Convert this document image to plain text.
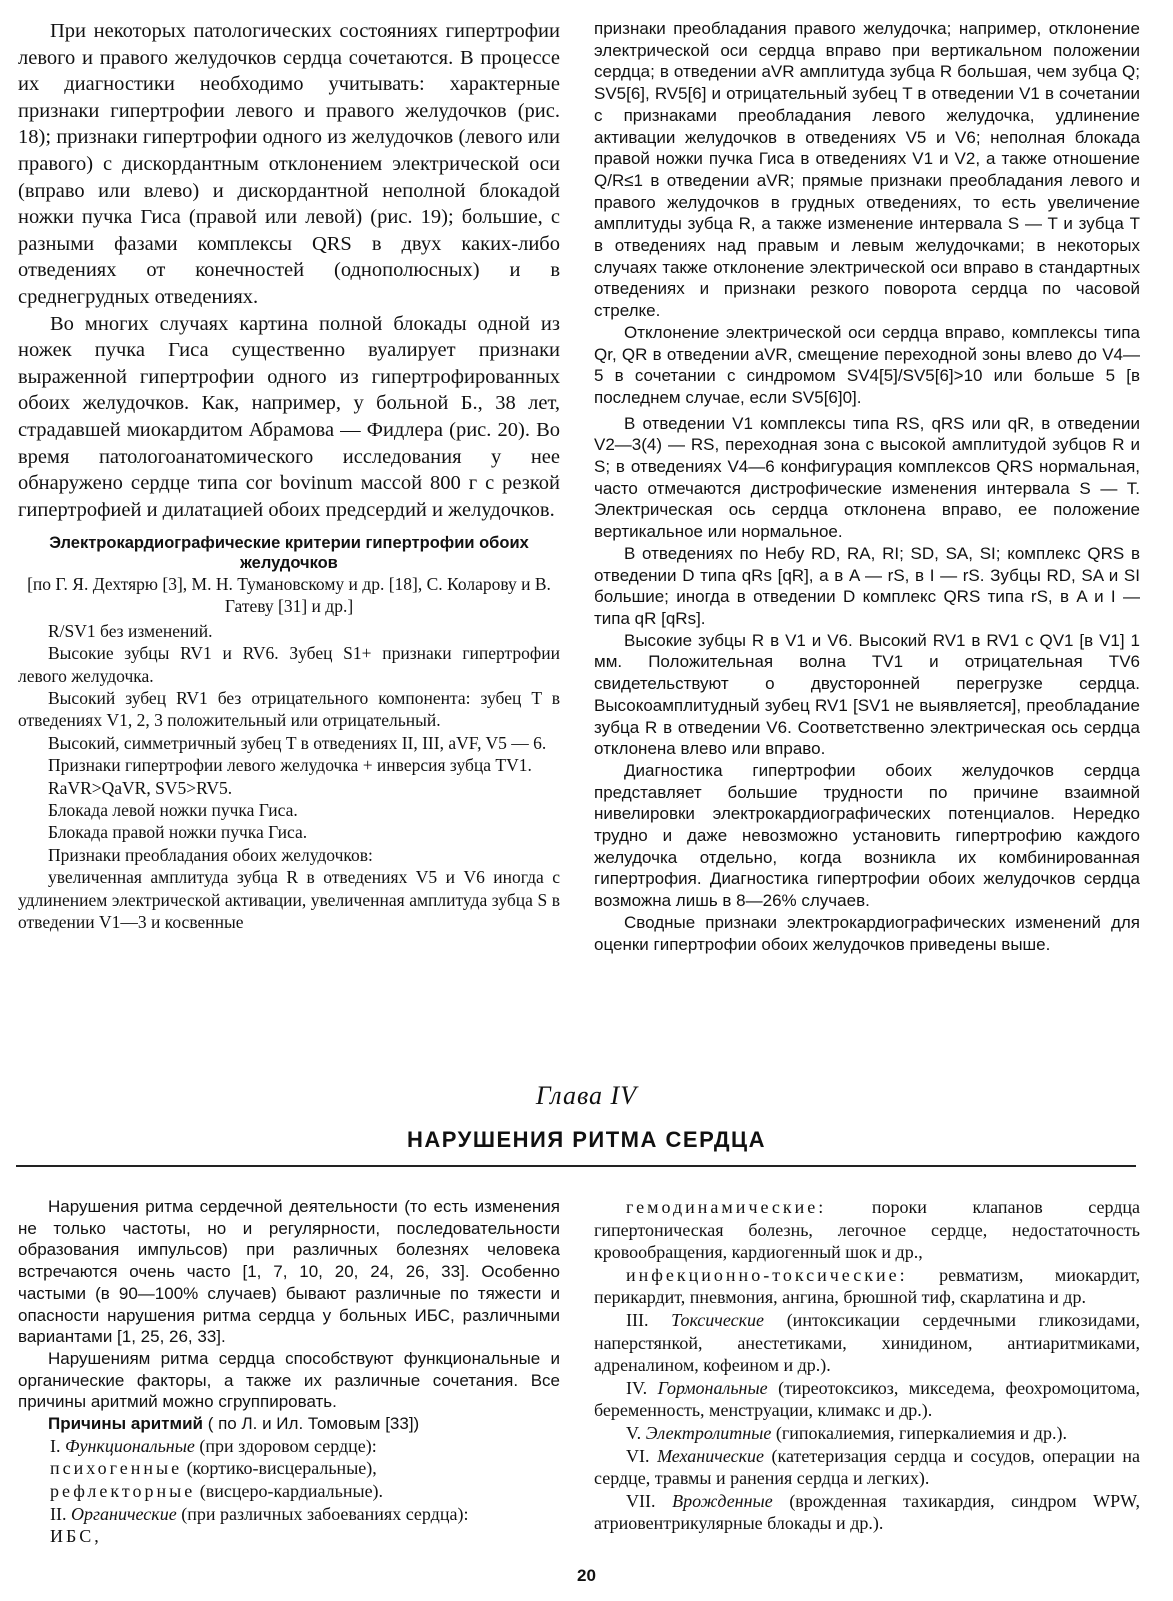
При некоторых патологических состояниях гипертрофии левого и правого желудочков сердца сочетаются. В процессе их диагностики необходимо учитывать: характерные признаки гипертрофии левого и правого желудочков (рис. 18); признаки гипертрофии одного из желудочков (левого или правого) с дискордантным отклонением электрической оси (вправо или влево) и дискордантной неполной блокадой ножки пучка Гиса (правой или левой) (рис. 19); большие, с разными фазами комплексы QRS в двух каких-либо отведениях от конечностей (однополюсных) и в среднегрудных отведениях.

Во многих случаях картина полной блокады одной из ножек пучка Гиса существенно вуалирует признаки выраженной гипертрофии одного из гипертрофированных обоих желудочков. Как, например, у больной Б., 38 лет, страдавшей миокардитом Абрамова — Фидлера (рис. 20). Во время патологоанатомического исследования у нее обнаружено сердце типа cor bovinum массой 800 г с резкой гипертрофией и дилатацией обоих предсердий и желудочков.

Электрокардиографические критерии гипертрофии обоих желудочков

[по Г. Я. Дехтярю [3], М. Н. Тумановскому и др. [18], С. Коларову и В. Гатеву [31] и др.]

R/SV1 без изменений.

Высокие зубцы RV1 и RV6. Зубец S1+ признаки гипертрофии левого желудочка.

Высокий зубец RV1 без отрицательного компонента: зубец T в отведениях V1, 2, 3 положительный или отрицательный.

Высокий, симметричный зубец T в отведениях II, III, aVF, V5 — 6.

Признаки гипертрофии левого желудочка + инверсия зубца TV1.

RaVR>QaVR, SV5>RV5.

Блокада левой ножки пучка Гиса.

Блокада правой ножки пучка Гиса.

Признаки преобладания обоих желудочков:

увеличенная амплитуда зубца R в отведениях V5 и V6 иногда с удлинением электрической активации, увеличенная амплитуда зубца S в отведении V1—3 и косвенные

признаки преобладания правого желудочка; например, отклонение электрической оси сердца вправо при вертикальном положении сердца; в отведении aVR амплитуда зубца R большая, чем зубца Q; SV5[6], RV5[6] и отрицательный зубец T в отведении V1 в сочетании с признаками преобладания левого желудочка, удлинение активации желудочков в отведениях V5 и V6; неполная блокада правой ножки пучка Гиса в отведениях V1 и V2, а также отношение Q/R≤1 в отведении aVR; прямые признаки преобладания левого и правого желудочков в грудных отведениях, то есть увеличение амплитуды зубца R, а также изменение интервала S — T и зубца T в отведениях над правым и левым желудочками; в некоторых случаях также отклонение электрической оси вправо в стандартных отведениях и признаки резкого поворота сердца по часовой стрелке.

Отклонение электрической оси сердца вправо, комплексы типа Qr, QR в отведении aVR, смещение переходной зоны влево до V4—5 в сочетании с синдромом SV4[5]/SV5[6]>10 или больше 5 [в последнем случае, если SV5[6]0].

В отведении V1 комплексы типа RS, qRS или qR, в отведении V2—3(4) — RS, переходная зона с высокой амплитудой зубцов R и S; в отведениях V4—6 конфигурация комплексов QRS нормальная, часто отмечаются дистрофические изменения интервала S — T. Электрическая ось сердца отклонена вправо, ее положение вертикальное или нормальное.

В отведениях по Небу RD, RA, RI; SD, SA, SI; комплекс QRS в отведении D типа qRs [qR], а в A — rS, в I — rS. Зубцы RD, SA и SI большие; иногда в отведении D комплекс QRS типа rS, в A и I — типа qR [qRs].

Высокие зубцы R в V1 и V6. Высокий RV1 в RV1 с QV1 [в V1] 1 мм. Положительная волна TV1 и отрицательная TV6 свидетельствуют о двусторонней перегрузке сердца. Высокоамплитудный зубец RV1 [SV1 не выявляется], преобладание зубца R в отведении V6. Соответственно электрическая ось сердца отклонена влево или вправо.

Диагностика гипертрофии обоих желудочков сердца представляет большие трудности по причине взаимной нивелировки электрокардиографических потенциалов. Нередко трудно и даже невозможно установить гипертрофию каждого желудочка отдельно, когда возникла их комбинированная гипертрофия. Диагностика гипертрофии обоих желудочков сердца возможна лишь в 8—26% случаев.

Сводные признаки электрокардиографических изменений для оценки гипертрофии обоих желудочков приведены выше.

Глава IV
НАРУШЕНИЯ РИТМА СЕРДЦА

Нарушения ритма сердечной деятельности (то есть изменения не только частоты, но и регулярности, последовательности образования импульсов) при различных болезнях человека встречаются очень часто [1, 7, 10, 20, 24, 26, 33]. Особенно частыми (в 90—100% случаев) бывают различные по тяжести и опасности нарушения ритма сердца у больных ИБС, различными вариантами [1, 25, 26, 33].

Нарушениям ритма сердца способствуют функциональные и органические факторы, а также их различные сочетания. Все причины аритмий можно сгруппировать.

Причины аритмий ( по Л. и Ил. Томовым [33])

I. Функциональные (при здоровом сердце):

психогенные (кортико-висцеральные),

рефлекторные (висцеро-кардиальные).

II. Органические (при различных забоеваниях сердца):

ИБС,

гемодинамические:	пороки клапанов сердца гипертоническая болезнь, легочное сердце, недостаточность кровообращения, кардиогенный шок и др.,

инфекционно-токсические: ревматизм, миокардит, перикардит, пневмония, ангина, брюшной тиф, скарлатина и др.

III. Токсические (интоксикации сердечными гликозидами, наперстянкой, анестетиками, хинидином, антиаритмиками, адреналином, кофеином и др.).

IV. Гормональные (тиреотоксикоз, микседема, феохромоцитома, беременность, менструации, климакс и др.).

V. Электролитные (гипокалиемия, гиперкалиемия и др.).

VI. Механические (катетеризация сердца и сосудов, операции на сердце, травмы и ранения сердца и легких).

VII. Врожденные (врожденная тахикардия, синдром WPW, атриовентрикулярные блокады и др.).

20
